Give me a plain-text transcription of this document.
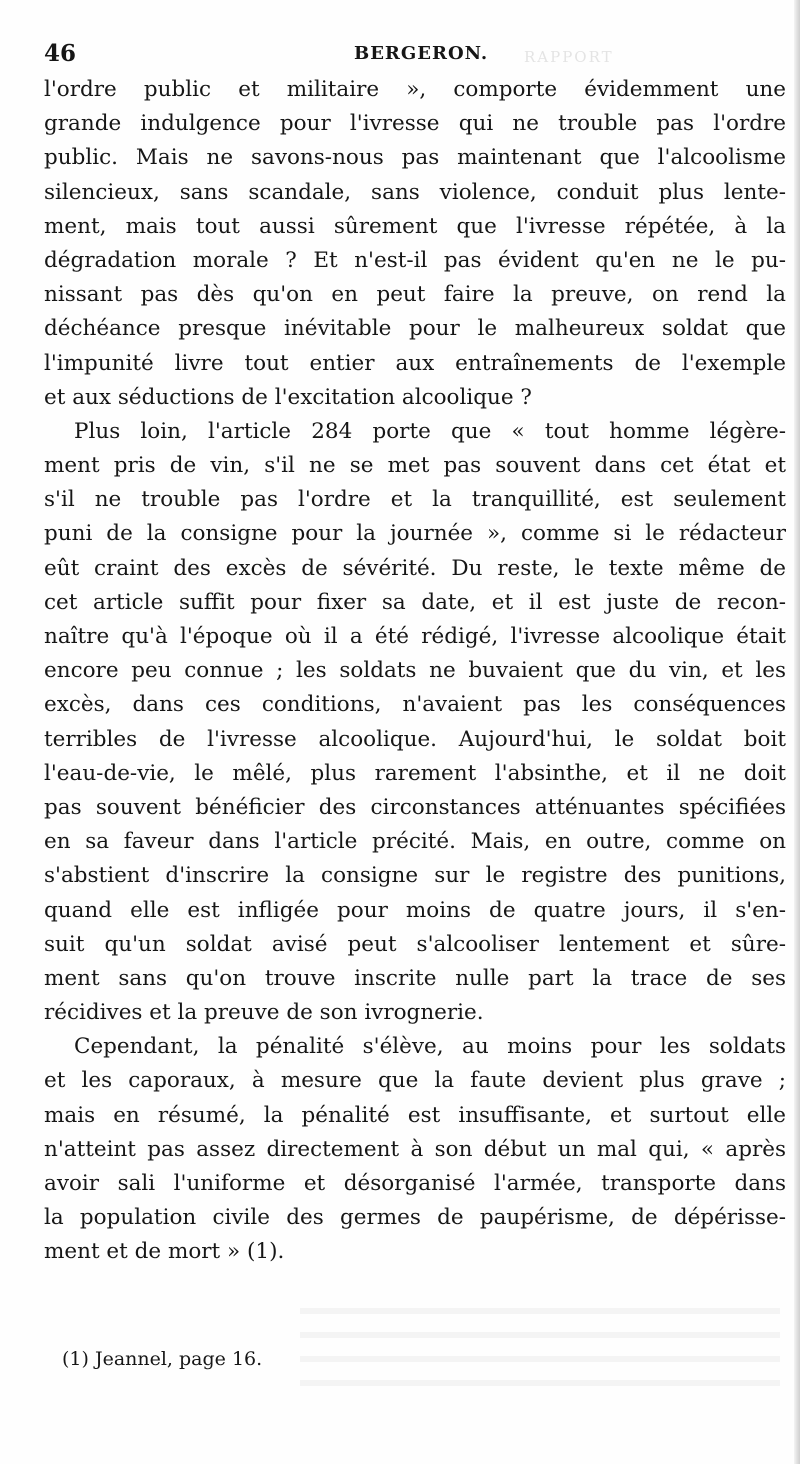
46	BERGERON. RAPPORT
l'ordre public et militaire », comporte évidemment une
grande indulgence pour l'ivresse qui ne trouble pas l'ordre
public. Mais ne savons-nous pas maintenant que l'alcoolisme
silencieux, sans scandale, sans violence, conduit plus lente-
ment, mais tout aussi sûrement que l'ivresse répétée, à la
dégradation morale ? Et n'est-il pas évident qu'en ne le pu-
nissant pas dès qu'on en peut faire la preuve, on rend la
déchéance presque inévitable pour le malheureux soldat que
l'impunité livre tout entier aux entraînements de l'exemple
et aux séductions de l'excitation alcoolique ?
Plus loin, l'article 284 porte que « tout homme légère-
ment pris de vin, s'il ne se met pas souvent dans cet état et
s'il ne trouble pas l'ordre et la tranquillité, est seulement
puni de la consigne pour la journée », comme si le rédacteur
eût craint des excès de sévérité. Du reste, le texte même de
cet article suffit pour fixer sa date, et il est juste de recon-
naître qu'à l'époque où il a été rédigé, l'ivresse alcoolique était
encore peu connue ; les soldats ne buvaient que du vin, et les
excès, dans ces conditions, n'avaient pas les conséquences
terribles de l'ivresse alcoolique. Aujourd'hui, le soldat boit
l'eau-de-vie, le mêlé, plus rarement l'absinthe, et il ne doit
pas souvent bénéficier des circonstances atténuantes spécifiées
en sa faveur dans l'article précité. Mais, en outre, comme on
s'abstient d'inscrire la consigne sur le registre des punitions,
quand elle est infligée pour moins de quatre jours, il s'en-
suit qu'un soldat avisé peut s'alcooliser lentement et sûre-
ment sans qu'on trouve inscrite nulle part la trace de ses
récidives et la preuve de son ivrognerie.
Cependant, la pénalité s'élève, au moins pour les soldats
et les caporaux, à mesure que la faute devient plus grave ;
mais en résumé, la pénalité est insuffisante, et surtout elle
n'atteint pas assez directement à son début un mal qui, « après
avoir sali l'uniforme et désorganisé l'armée, transporte dans
la population civile des germes de paupérisme, de dépérisse-
ment et de mort » (1).
(1) Jeannel, page 16.
